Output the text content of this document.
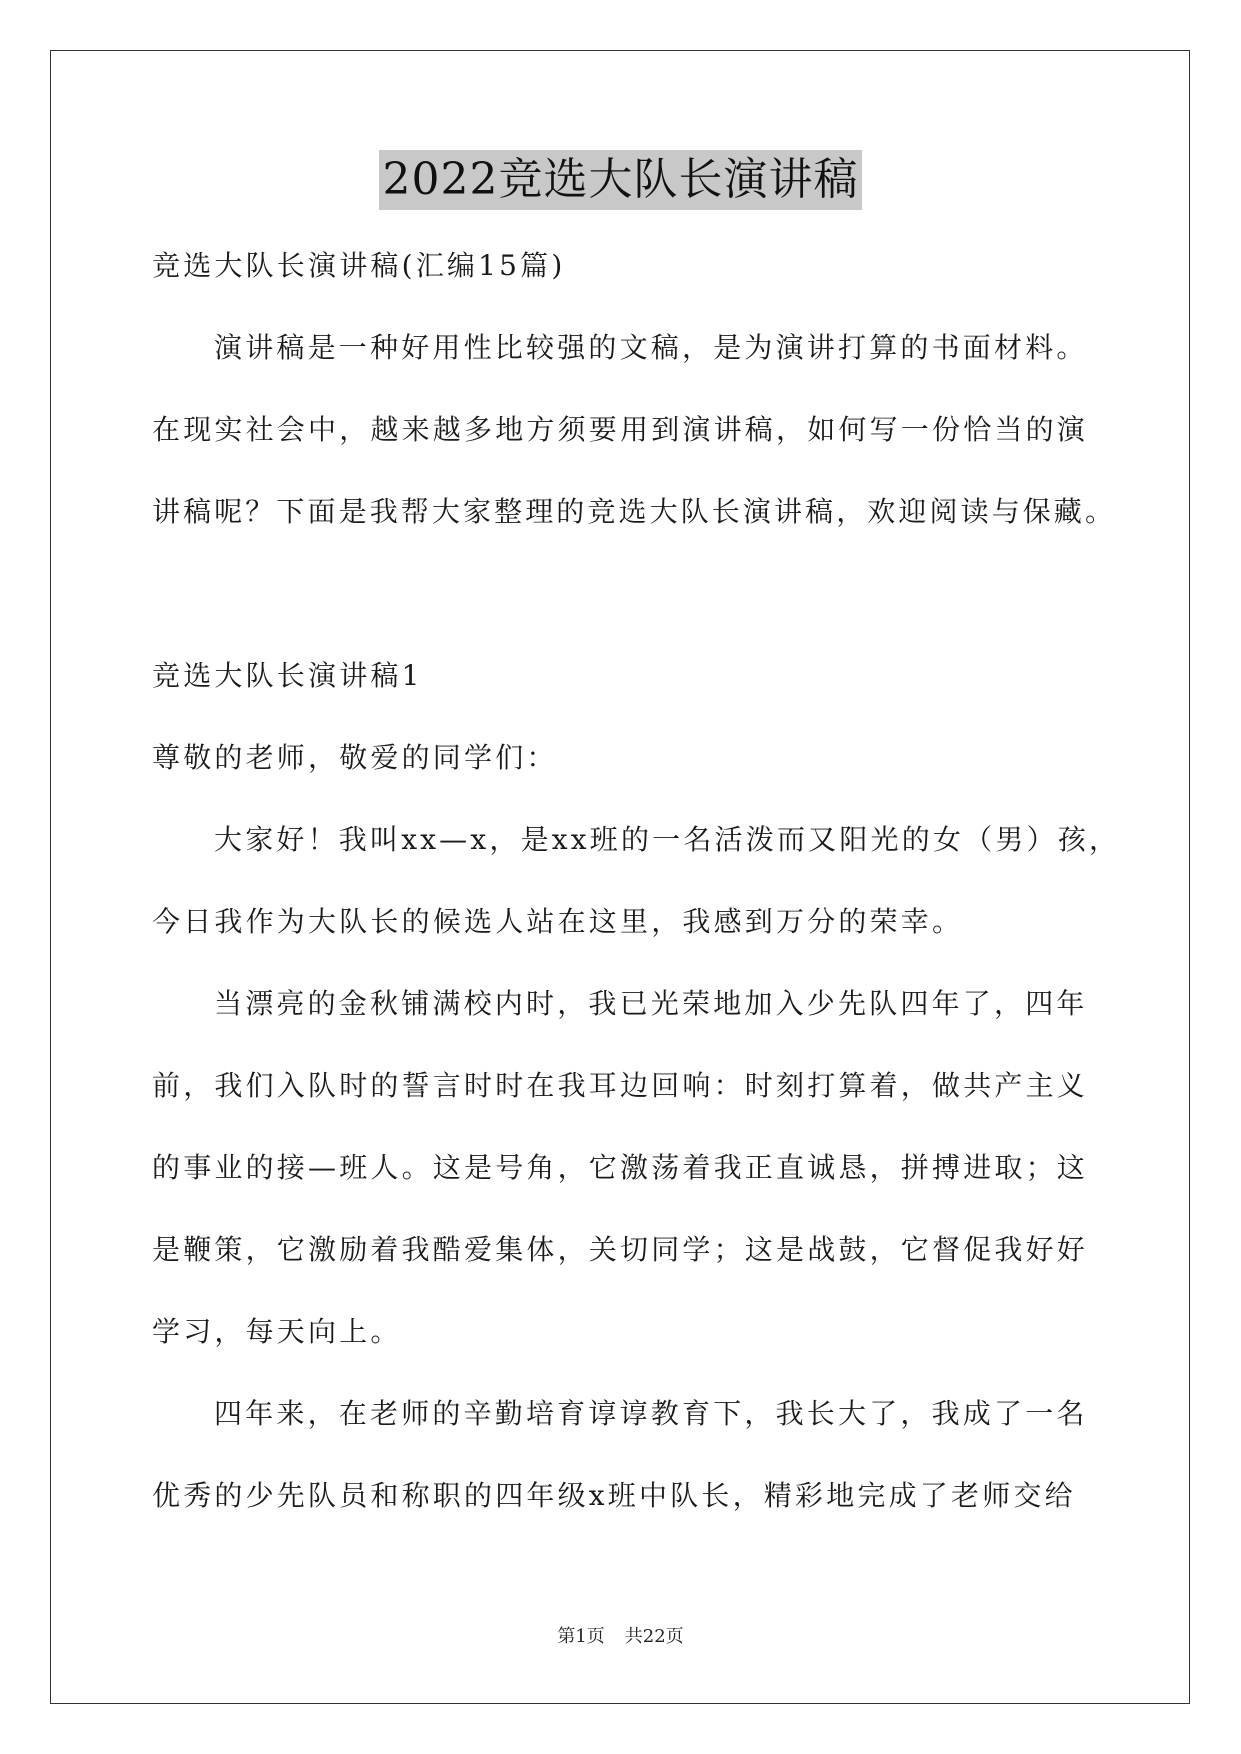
2022竞选大队长演讲稿
竞选大队长演讲稿(汇编15篇)
演讲稿是一种好用性比较强的文稿，是为演讲打算的书面材料。
在现实社会中，越来越多地方须要用到演讲稿，如何写一份恰当的演
讲稿呢？下面是我帮大家整理的竞选大队长演讲稿，欢迎阅读与保藏。
竞选大队长演讲稿1
尊敬的老师，敬爱的同学们：
大家好！我叫xx—x，是xx班的一名活泼而又阳光的女（男）孩，
今日我作为大队长的候选人站在这里，我感到万分的荣幸。
当漂亮的金秋铺满校内时，我已光荣地加入少先队四年了，四年
前，我们入队时的誓言时时在我耳边回响：时刻打算着，做共产主义
的事业的接—班人。这是号角，它激荡着我正直诚恳，拼搏进取；这
是鞭策，它激励着我酷爱集体，关切同学；这是战鼓，它督促我好好
学习，每天向上。
四年来，在老师的辛勤培育谆谆教育下，我长大了，我成了一名
优秀的少先队员和称职的四年级x班中队长，精彩地完成了老师交给
第1页 共22页
